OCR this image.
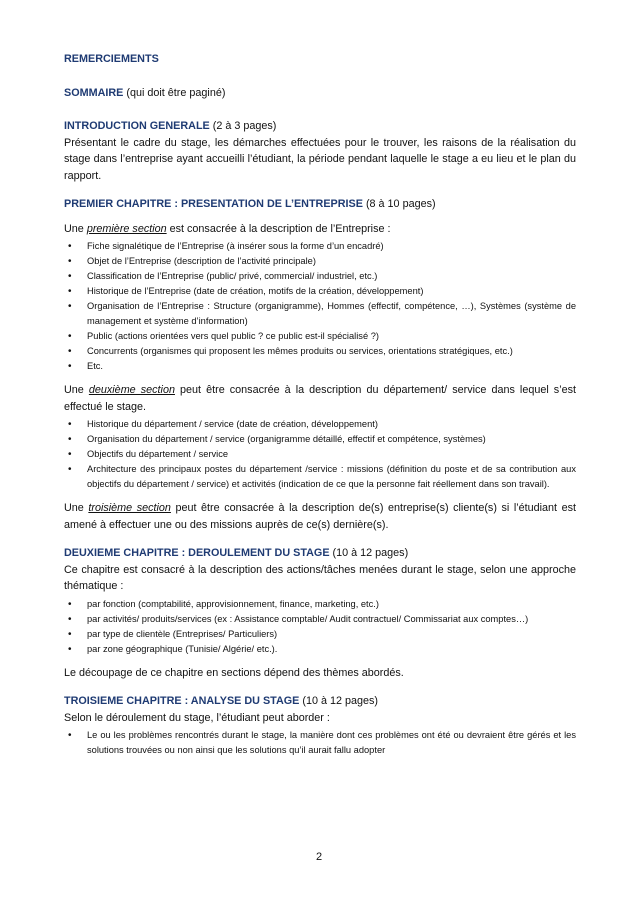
REMERCIEMENTS

SOMMAIRE (qui doit être paginé)

INTRODUCTION GENERALE (2 à 3 pages)

Présentant le cadre du stage, les démarches effectuées pour le trouver, les raisons de la réalisation du stage dans l’entreprise ayant accueilli l’étudiant, la période pendant laquelle le stage a eu lieu et le plan du rapport.

PREMIER CHAPITRE : PRESENTATION DE L’ENTREPRISE (8 à 10 pages)

Une première section est consacrée à la description de l’Entreprise :

• Fiche signalétique de l’Entreprise (à insérer sous la forme d’un encadré)
• Objet de l’Entreprise (description de l’activité principale)
• Classification de l’Entreprise (public/ privé, commercial/ industriel, etc.)
• Historique de l’Entreprise (date de création, motifs de la création, développement)
• Organisation de l’Entreprise : Structure (organigramme), Hommes (effectif, compétence, …), Systèmes (système de management et système d’information)
• Public (actions orientées vers quel public ? ce public est-il spécialisé ?)
• Concurrents (organismes qui proposent les mêmes produits ou services, orientations stratégiques, etc.)
• Etc.

Une deuxième section peut être consacrée à la description du département/ service dans lequel s’est effectué le stage.

• Historique du département / service (date de création, développement)
• Organisation du département / service (organigramme détaillé, effectif et compétence, systèmes)
• Objectifs du département / service
• Architecture des principaux postes du département /service : missions (définition du poste et de sa contribution aux objectifs du département / service) et activités (indication de ce que la personne fait réellement dans son travail).

Une troisième section peut être consacrée à la description de(s) entreprise(s) cliente(s) si l’étudiant est amené à effectuer une ou des missions auprès de ce(s) dernière(s).

DEUXIEME CHAPITRE : DEROULEMENT DU STAGE (10 à 12 pages)

Ce chapitre est consacré à la description des actions/tâches menées durant le stage, selon une approche thématique :

• par fonction (comptabilité, approvisionnement, finance, marketing, etc.)
• par activités/ produits/services (ex : Assistance comptable/ Audit contractuel/ Commissariat aux comptes…)
• par type de clientèle (Entreprises/ Particuliers)
• par zone géographique (Tunisie/ Algérie/ etc.).

Le découpage de ce chapitre en sections dépend des thèmes abordés.

TROISIEME CHAPITRE : ANALYSE DU STAGE (10 à 12 pages)

Selon le déroulement du stage, l’étudiant peut aborder :

• Le ou les problèmes rencontrés durant le stage, la manière dont ces problèmes ont été ou devraient être gérés et les solutions trouvées ou non ainsi que les solutions qu’il aurait fallu adopter
2
